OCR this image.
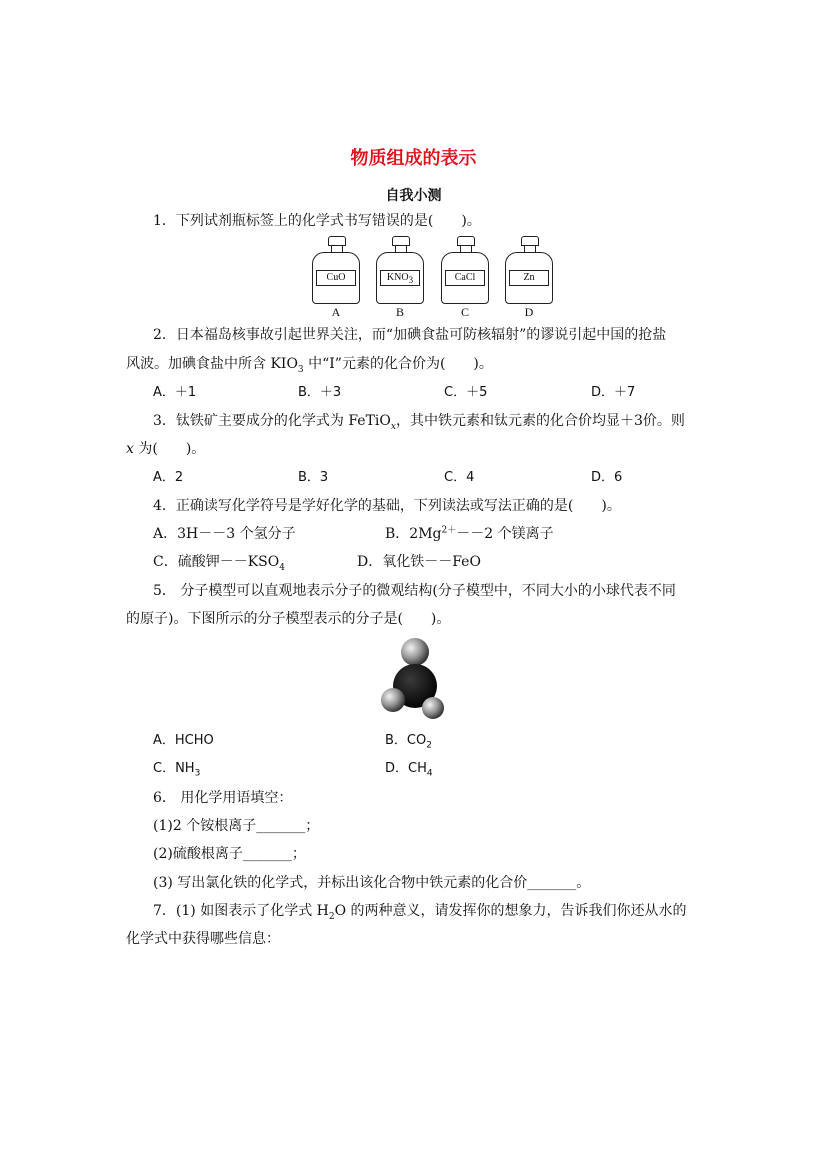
物质组成的表示
自我小测
1．下列试剂瓶标签上的化学式书写错误的是(　　)。
CuO
A
$KNO_3$
B
CaCl
C
Zn
D
2．日本福岛核事故引起世界关注，而“加碘食盐可防核辐射”的谬说引起中国的抢盐
风波。加碘食盐中所含 $KIO_3$ 中“I”元素的化合价为(　　)。
A．＋1	B．＋3	C．＋5	D．＋7
3．钛铁矿主要成分的化学式为 FeTiO$_x$，其中铁元素和钛元素的化合价均显＋3价。则
x 为(　　)。
A．2	B．3	C．4	D．6
4．正确读写化学符号是学好化学的基础，下列读法或写法正确的是(　　)。
A．3H－－3 个氢分子	B．$2Mg^{2+}--2$ 个镁离子
C．硫酸钾$--KSO_4$	D．氧化铁－－FeO
5． 分子模型可以直观地表示分子的微观结构(分子模型中，不同大小的小球代表不同
的原子)。下图所示的分子模型表示的分子是(　　)。
A．HCHO	B．$CO_2$
C．$NH_3$	D．$CH_4$
6． 用化学用语填空：
(1)2 个铵根离子_______；
(2)硫酸根离子_______；
(3) 写出氯化铁的化学式，并标出该化合物中铁元素的化合价_______。
7．(1) 如图表示了化学式 $H_2O$ 的两种意义，请发挥你的想象力，告诉我们你还从水的
化学式中获得哪些信息：
